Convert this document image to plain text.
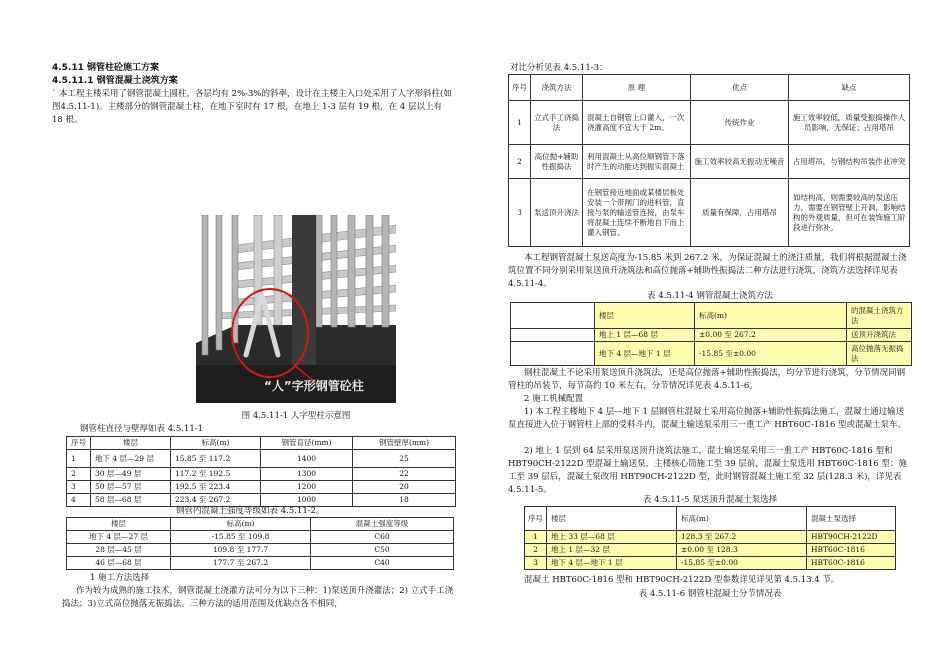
4.5.11 钢管柱砼施工方案
4.5.11.1 钢管混凝土浇筑方案
` 本工程主楼采用了钢管混凝土圆柱，各层均有 2%-3%的斜率，设计在主楼主入口处采用了人字形斜柱(如图4.5.11-1)。主楼部分的钢管混凝土柱，在地下室时有 17 根，在地上 1-3 层有 19 根，在 4 层以上有 18 根。
“人”字形钢管砼柱
图 4.5.11-1 人字型柱示意图
钢管柱直径与壁厚如表 4.5.11-1
序号	楼层	标高(m)	钢管直径(mm)	钢管壁厚(mm)
1	地下 4 层—29 层	15.85 至 117.2	1400	25
2	30 层—49 层	117.2 至 192.5	1300	22
3	50 层—57 层	192.5 至 223.4	1200	20
4	58 层—68 层	223.4 至 267.2	1000	18
钢管内混凝土强度等级如表 4.5.11-2。
楼层	标高(m)	混凝土强度等级
地下 4 层—27 层	-15.85 至 109.8	C60
28 层—45 层	109.8 至 177.7	C50
46 层—68 层	177.7 至 267.2	C40
1 施工方法选择
作为较为成熟的施工技术，钢管混凝土浇灌方法可分为以下三种：1)泵送顶升浇灌法；2) 立式手工浇捣法；3)立式高位抛落无振捣法。三种方法的适用范围及优缺点各不相同，
对比分析见表 4.5.11-3：
序号	浇筑方法	原 理	优点	缺点
1	立式手工浇捣法	混凝土自钢管上口灌入，一次浇灌高度不宜大于 2m。	传统作业	施工效率较低，质量受振捣操作人员影响，无保证；占用塔吊
2	高位抛+辅助性振捣法	利用混凝土从高位顺钢管下落时产生的动能达到振实混凝土	施工效率较高无振动无噪音	占用塔吊，与钢结构吊装作业冲突
3	泵送顶升浇法	在钢管接近地面或某楼层板处安装一个带闸门的进料管，直接与泵的输送管连接，由泵车将混凝土连续不断地自下而上灌入钢管。	质量有保障，占用塔吊	如结构高，则需要较高的泵送压力。需要在钢管壁上开洞，影响结构的外观质量，但可在装饰施工阶段进行弥补。
本工程钢管混凝土泵送高度为-15.85 米到 267.2 米，为保证混凝土的浇注质量，我们将根据混凝土浇筑位置不同分别采用泵送顶升浇筑法和高位抛落+辅助性振捣法二种方法进行浇筑，浇筑方法选择详见表 4.5.11-4。
表 4.5.11-4 钢管混凝土浇筑方法
	楼层	标高(m)	的混凝土浇筑方法
	地上 1 层—68 层	±0.00 至 267.2	送顶升浇筑法
	地下 4 层—地下 1 层	-15.85 至±0.00	高位抛落无振捣法
钢柱混凝土不论采用泵送顶升浇筑法，还是高位抛落+辅助性振捣法，均分节进行浇筑，分节情况同钢管柱的吊装节，每节高约 10 米左右，分节情况详见表 4.5.11-6。
2 施工机械配置
1) 本工程主楼地下 4 层—地下 1 层钢管柱混凝土采用高位抛落+辅助性振捣法施工，混凝土通过输送泵直接进入位于钢管柱上部的受料斗内，混凝土输送泵采用三一重工产 HBT60C-1816 型或混凝土泵车。
2) 地上 1 层到 64 层采用泵送顶升浇筑法施工，混土输送泵采用三一重工产 HBT60C-1816 型和 HBT90CH-2122D 型混凝土输送泵，主楼核心筒施工至 39 层前，混凝土泵选用 HBT60C-1816 型；施工至 39 层后，混凝土泵改用 HBT90CH-2122D 型，此时钢管混凝土施工至 32 层(128.3 米)，详见表 4.5.11-5。
表 4.5.11-5 泵送顶升混凝土泵选择
序号	楼层	标高(m)	混凝土泵选择
1	地上 33 层—68 层	128.3 至 267.2	HBT90CH-2122D
2	地上 1 层—32 层	±0.00 至 128.3	HBT60C-1816
3	地下 4 层—地下 1 层	-15.85 至±0.00	HBT60C-1816
混凝土 HBT60C-1816 型和 HBT90CH-2122D 型参数详见详见第 4.5.13.4 节。
表 4.5.11-6 钢管柱混凝土分节情况表
